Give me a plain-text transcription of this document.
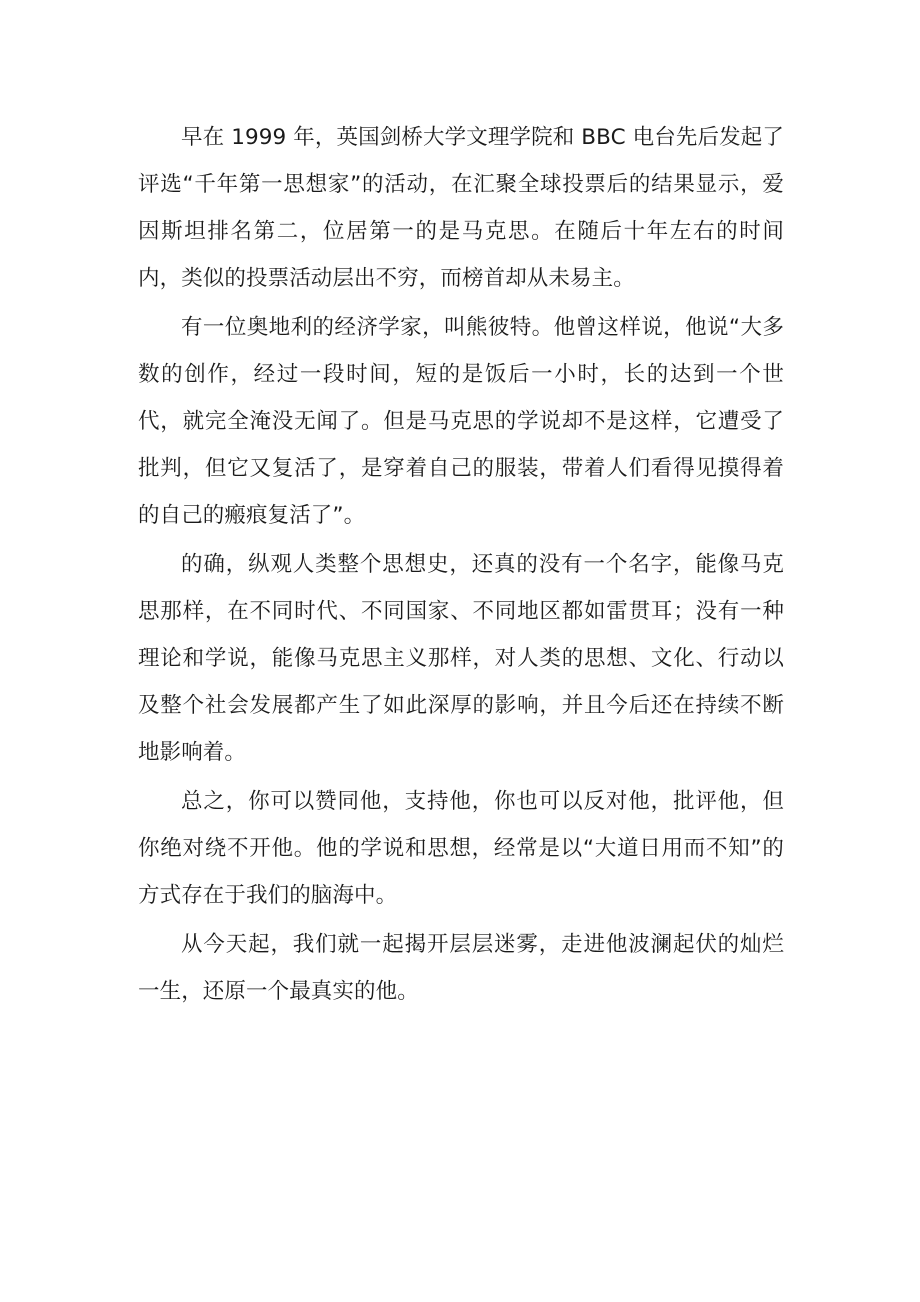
早在 1999 年，英国剑桥大学文理学院和 BBC 电台先后发起了评选“千年第一思想家”的活动，在汇聚全球投票后的结果显示，爱因斯坦排名第二，位居第一的是马克思。在随后十年左右的时间内，类似的投票活动层出不穷，而榜首却从未易主。

有一位奥地利的经济学家，叫熊彼特。他曾这样说，他说“大多数的创作，经过一段时间，短的是饭后一小时，长的达到一个世代，就完全淹没无闻了。但是马克思的学说却不是这样，它遭受了批判，但它又复活了，是穿着自己的服装，带着人们看得见摸得着的自己的瘢痕复活了”。

的确，纵观人类整个思想史，还真的没有一个名字，能像马克思那样，在不同时代、不同国家、不同地区都如雷贯耳；没有一种理论和学说，能像马克思主义那样，对人类的思想、文化、行动以及整个社会发展都产生了如此深厚的影响，并且今后还在持续不断地影响着。

总之，你可以赞同他，支持他，你也可以反对他，批评他，但你绝对绕不开他。他的学说和思想，经常是以“大道日用而不知”的方式存在于我们的脑海中。

从今天起，我们就一起揭开层层迷雾，走进他波澜起伏的灿烂一生，还原一个最真实的他。
